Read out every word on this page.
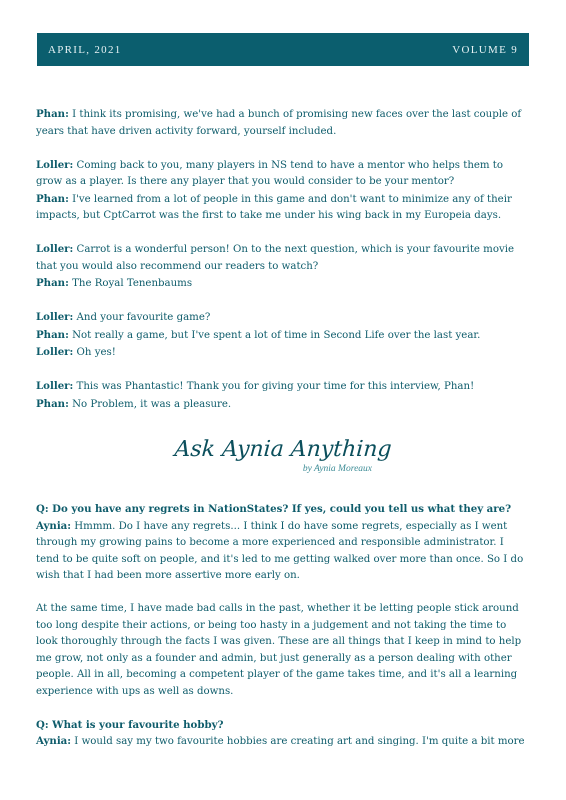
APRIL, 2021	VOLUME 9
Phan: I think its promising, we've had a bunch of promising new faces over the last couple of years that have driven activity forward, yourself included.
Loller: Coming back to you, many players in NS tend to have a mentor who helps them to grow as a player. Is there any player that you would consider to be your mentor?
Phan: I've learned from a lot of people in this game and don't want to minimize any of their impacts, but CptCarrot was the first to take me under his wing back in my Europeia days.
Loller: Carrot is a wonderful person! On to the next question, which is your favourite movie that you would also recommend our readers to watch?
Phan: The Royal Tenenbaums
Loller: And your favourite game?
Phan: Not really a game, but I've spent a lot of time in Second Life over the last year.
Loller: Oh yes!
Loller: This was Phantastic! Thank you for giving your time for this interview, Phan!
Phan: No Problem, it was a pleasure.
Ask Aynia Anything
by Aynia Moreaux
Q: Do you have any regrets in NationStates? If yes, could you tell us what they are?
Aynia: Hmmm. Do I have any regrets... I think I do have some regrets, especially as I went through my growing pains to become a more experienced and responsible administrator. I tend to be quite soft on people, and it's led to me getting walked over more than once. So I do wish that I had been more assertive more early on.
At the same time, I have made bad calls in the past, whether it be letting people stick around too long despite their actions, or being too hasty in a judgement and not taking the time to look thoroughly through the facts I was given. These are all things that I keep in mind to help me grow, not only as a founder and admin, but just generally as a person dealing with other people. All in all, becoming a competent player of the game takes time, and it's all a learning experience with ups as well as downs.
Q: What is your favourite hobby?
Aynia: I would say my two favourite hobbies are creating art and singing. I'm quite a bit more
